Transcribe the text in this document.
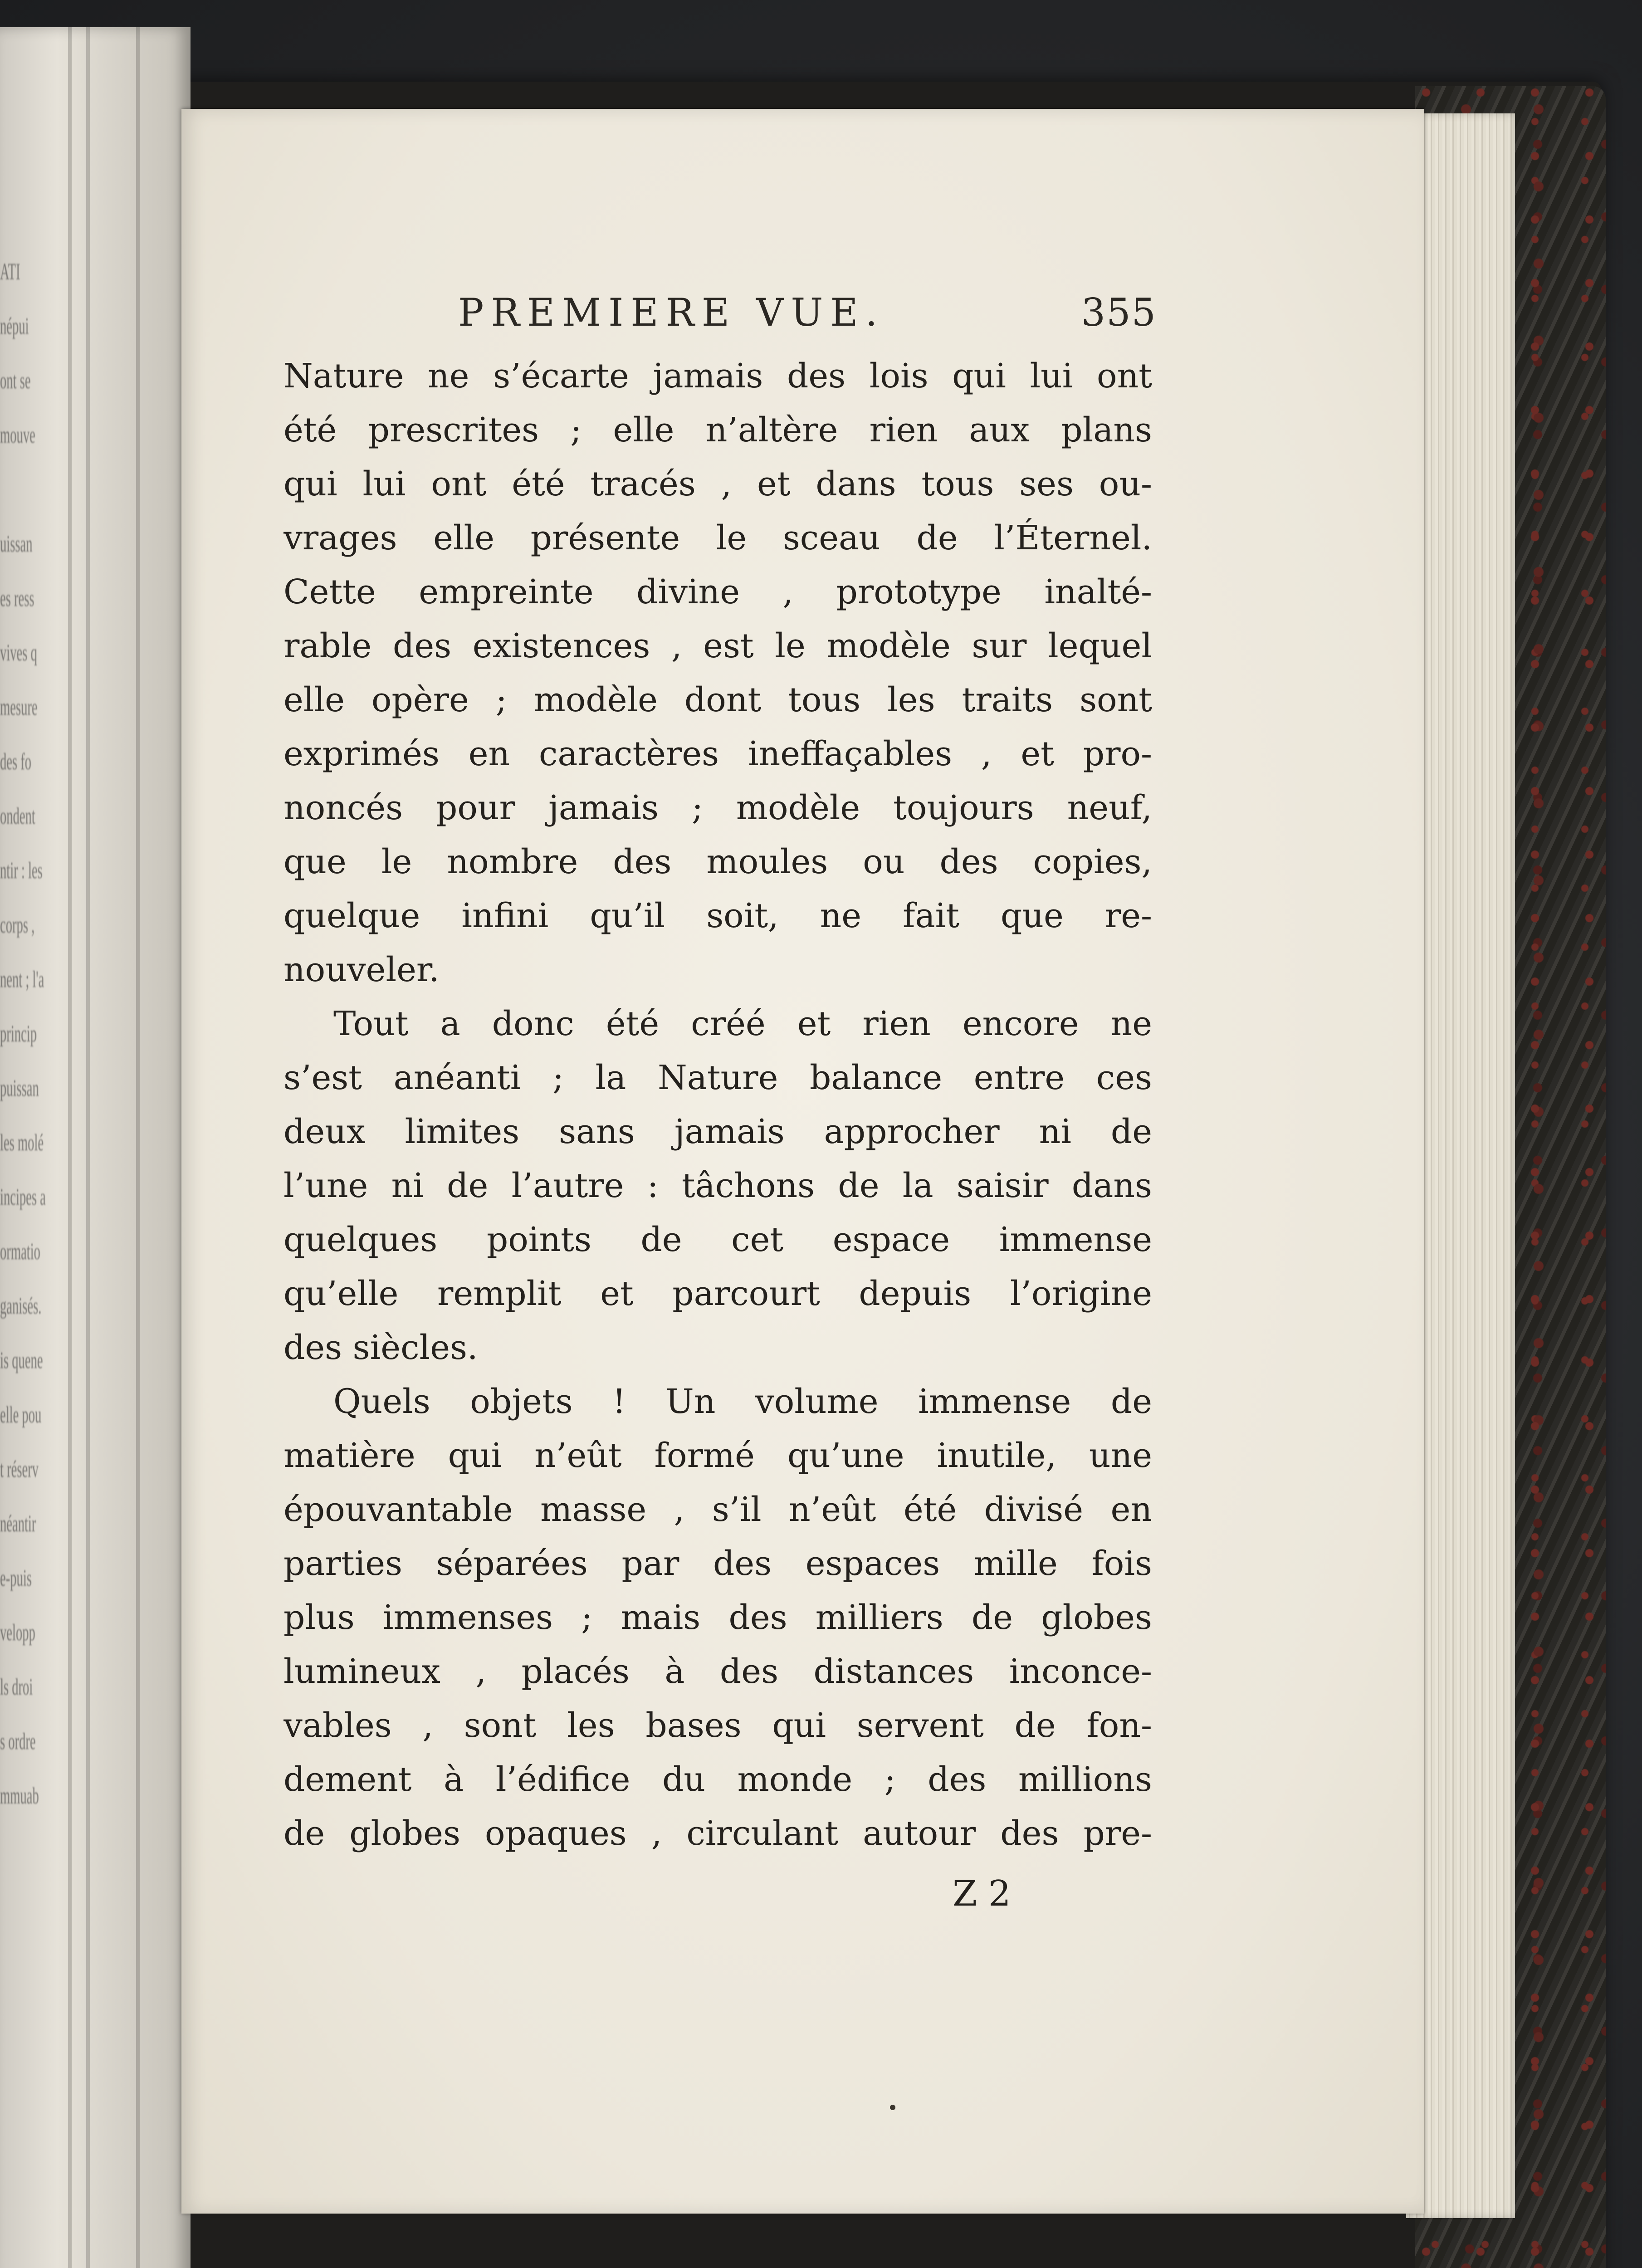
ATI
népui
ont se
mouve

uissan
es ress
vives q
mesure
des fo
ondent
ntir : les
corps ,
nent ; l'a
princip
puissan
les molé
incipes a
ormatio
ganisés.
is quene
elle pou
t réserv
néantir
e-puis
velopp
ls droi
s ordre
mmuab
PREMIERE VUE.	355
Nature ne s’écarte jamais des lois qui lui ont
été prescrites ; elle n’altère rien aux plans
qui lui ont été tracés , et dans tous ses ou-
vrages elle présente le sceau de l’Éternel.
Cette empreinte divine , prototype inalté-
rable des existences , est le modèle sur lequel
elle opère ; modèle dont tous les traits sont
exprimés en caractères ineffaçables , et pro-
noncés pour jamais ; modèle toujours neuf,
que le nombre des moules ou des copies,
quelque infini qu’il soit, ne fait que re-
nouveler.
Tout a donc été créé et rien encore ne
s’est anéanti ; la Nature balance entre ces
deux limites sans jamais approcher ni de
l’une ni de l’autre : tâchons de la saisir dans
quelques points de cet espace immense
qu’elle remplit et parcourt depuis l’origine
des siècles.
Quels objets ! Un volume immense de
matière qui n’eût formé qu’une inutile, une
épouvantable masse , s’il n’eût été divisé en
parties séparées par des espaces mille fois
plus immenses ; mais des milliers de globes
lumineux , placés à des distances inconce-
vables , sont les bases qui servent de fon-
dement à l’édifice du monde ; des millions
de globes opaques , circulant autour des pre-
Z 2
